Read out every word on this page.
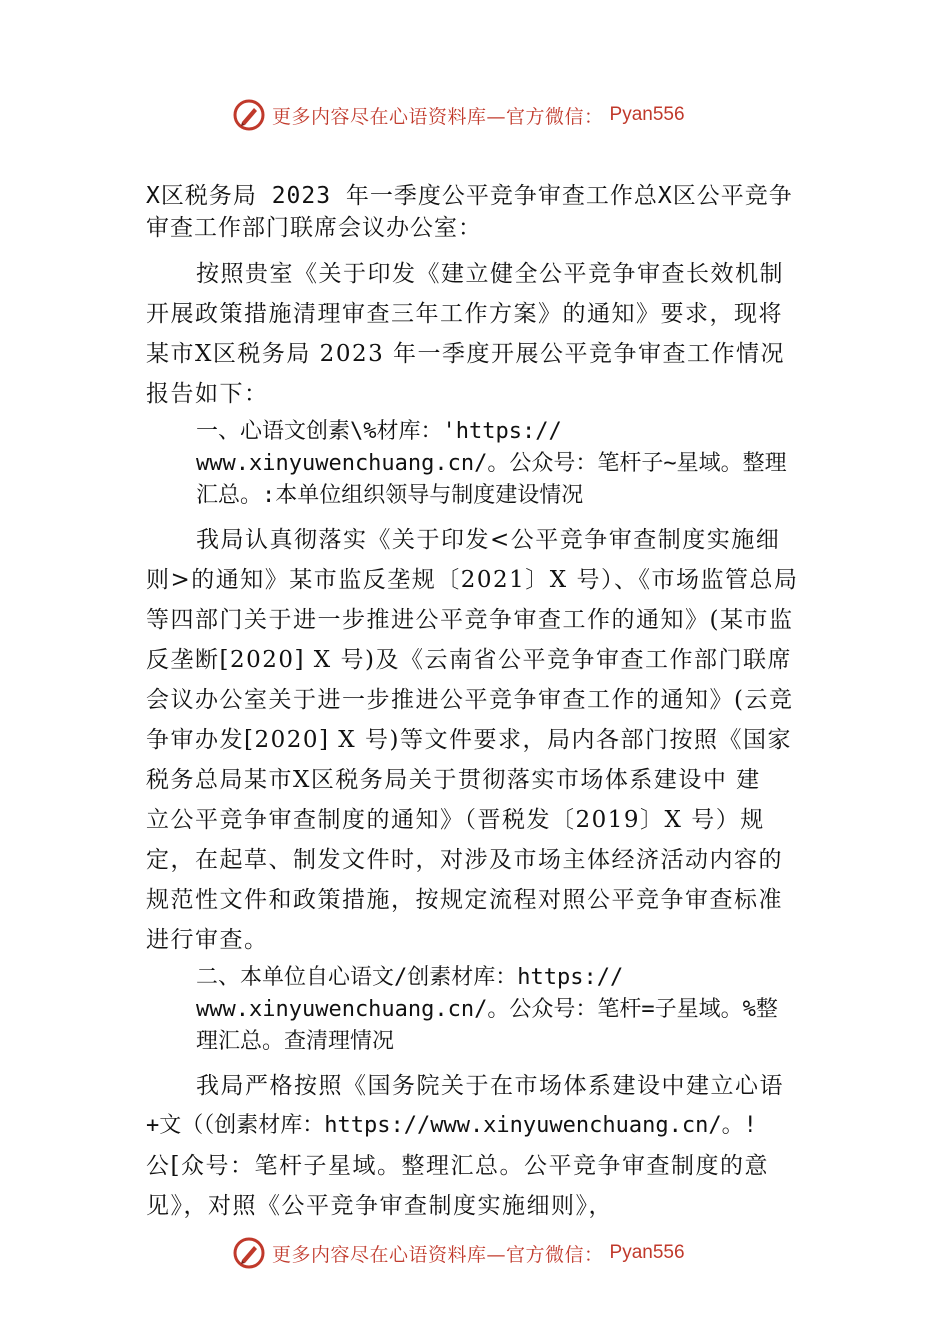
更多内容尽在心语资料库—官方微信： Pyan556

X区税务局 2023 年一季度公平竞争审查工作总X区公平竞争

审查工作部门联席会议办公室：

按照贵室《关于印发《建立健全公平竞争审查长效机制

开展政策措施清理审查三年工作方案》的通知》要求，现将

某市X区税务局 2023 年一季度开展公平竞争审查工作情况

报告如下：

一、心语文创素\%材库：'https://

www.xinyuwenchuang.cn/。公众号：笔杆子~星域。整理

汇总。:本单位组织领导与制度建设情况

我局认真彻落实《关于印发<公平竞争审查制度实施细

则>的通知》某市监反垄规〔2021〕X 号）、《市场监管总局

等四部门关于进一步推进公平竞争审查工作的通知》(某市监

反垄断[2020] X 号)及《云南省公平竞争审查工作部门联席

会议办公室关于进一步推进公平竞争审查工作的通知》(云竞

争审办发[2020] X 号)等文件要求，局内各部门按照《国家

税务总局某市X区税务局关于贯彻落实市场体系建设中 建

立公平竞争审查制度的通知》（晋税发〔2019〕X 号）规

定，在起草、制发文件时，对涉及市场主体经济活动内容的

规范性文件和政策措施，按规定流程对照公平竞争审查标准

进行审查。

二、本单位自心语文/创素材库：https://

www.xinyuwenchuang.cn/。公众号：笔杆=子星域。%整

理汇总。查清理情况

我局严格按照《国务院关于在市场体系建设中建立心语

+文（（创素材库：https://www.xinyuwenchuang.cn/。!

公[众号：笔杆子星域。整理汇总。公平竞争审查制度的意

见》，对照《公平竞争审查制度实施细则》，

更多内容尽在心语资料库—官方微信： Pyan556
